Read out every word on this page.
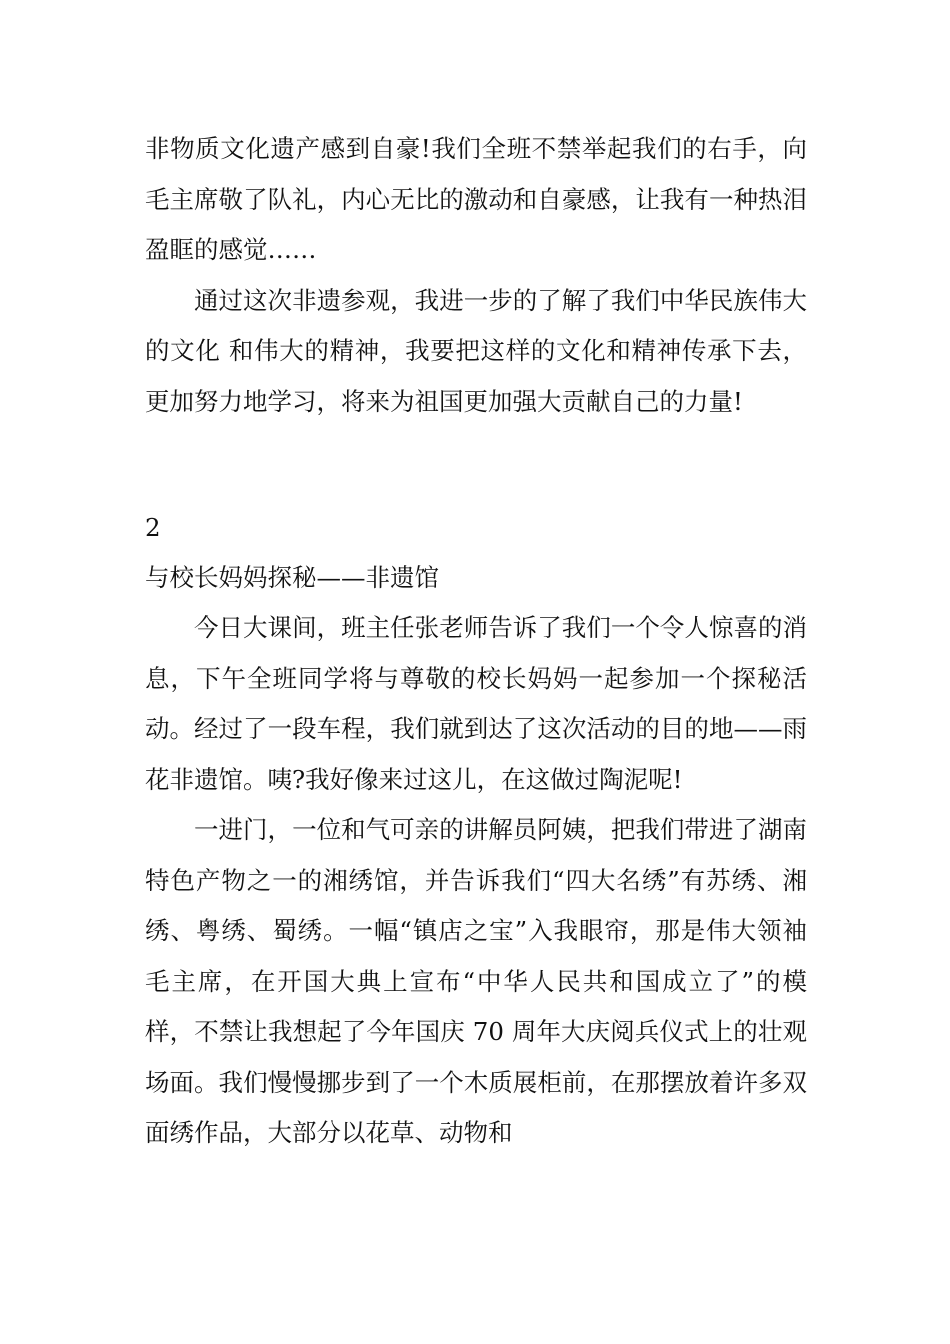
非物质文化遗产感到自豪!我们全班不禁举起我们的右手，向毛主席敬了队礼，内心无比的激动和自豪感，让我有一种热泪盈眶的感觉……

通过这次非遗参观，我进一步的了解了我们中华民族伟大的文化 和伟大的精神，我要把这样的文化和精神传承下去，更加努力地学习，将来为祖国更加强大贡献自己的力量!

2

与校长妈妈探秘——非遗馆

今日大课间，班主任张老师告诉了我们一个令人惊喜的消息，下午全班同学将与尊敬的校长妈妈一起参加一个探秘活动。经过了一段车程，我们就到达了这次活动的目的地——雨花非遗馆。咦?我好像来过这儿，在这做过陶泥呢!

一进门，一位和气可亲的讲解员阿姨，把我们带进了湖南特色产物之一的湘绣馆，并告诉我们“四大名绣”有苏绣、湘绣、粤绣、蜀绣。一幅“镇店之宝”入我眼帘，那是伟大领袖毛主席，在开国大典上宣布“中华人民共和国成立了”的模样，不禁让我想起了今年国庆 70 周年大庆阅兵仪式上的壮观场面。我们慢慢挪步到了一个木质展柜前，在那摆放着许多双面绣作品，大部分以花草、动物和
